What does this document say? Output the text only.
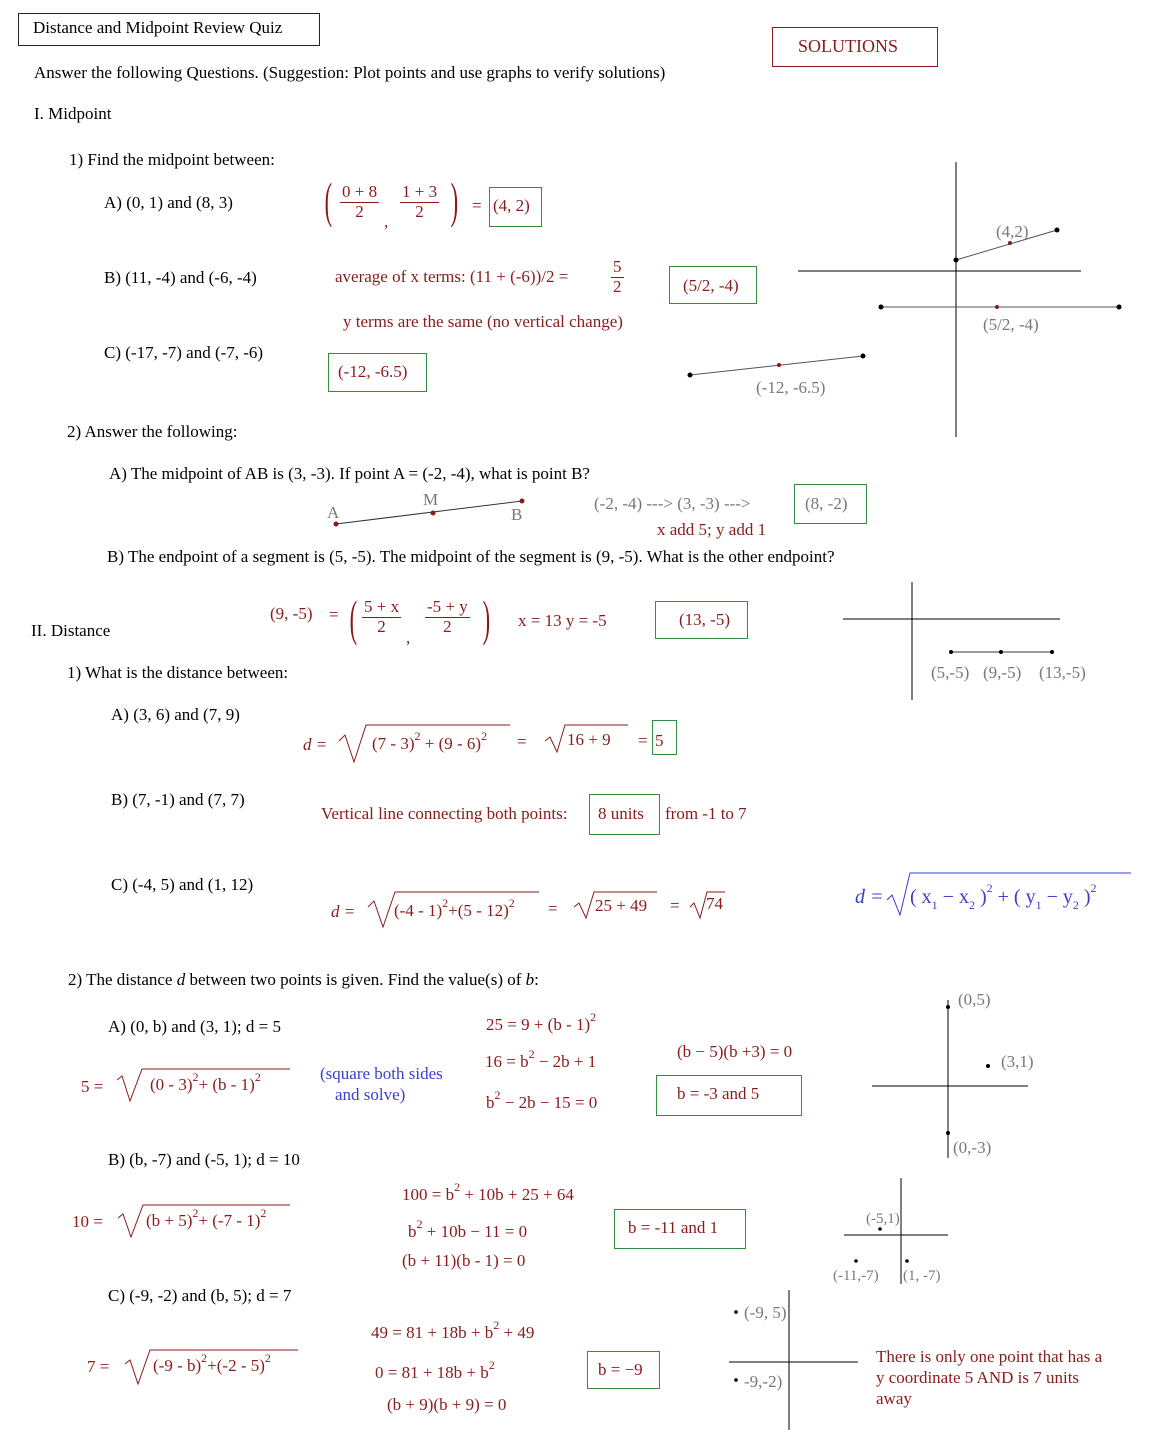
Distance and Midpoint Review Quiz
SOLUTIONS
Answer the following Questions. (Suggestion: Plot points and use graphs to verify solutions)
I. Midpoint
1) Find the midpoint between:
A) (0, 1) and (8, 3) ( $\frac{0 + 8}{2}$
,
$\frac{1 + 3}{2}$ ) = (4, 2)
B) (11, -4) and (-6, -4)	average of x terms: (11 + (-6))/2 =	$\frac{5}{2}$	(5/2, -4)
y terms are the same (no vertical change)
C) (-17, -7) and (-7, -6)
(-12, -6.5)
(4,2)
(5/2, -4)
(-12, -6.5)
2) Answer the following:
A) The midpoint of AB is (3, -3). If point A = (-2, -4), what is point B?
A
M
B
(-2, -4) ---> (3, -3) --->	(8, -2)
x add 5; y add 1
B) The endpoint of a segment is (5, -5). The midpoint of the segment is (9, -5). What is the other endpoint?
(9, -5) = ( $\frac{5 + x}{2}$
,
$\frac{-5 + y}{2}$ ) x = 13 y = -5	(13, -5)
(5,-5) (9,-5) (13,-5)
II. Distance
1) What is the distance between:
A) (3, 6) and (7, 9)
d =	(7 - 3)$^2$ + (9 - 6)$^2$ = 16 + 9 = 5
B) (7, -1) and (7, 7)
Vertical line connecting both points: 8 units from -1 to 7
C) (-4, 5) and (1, 12)
d = (-4 - 1)$^2$+(5 - 12)$^2$ = 25 + 49 = 74	d = ( $x_1 - x_2$ )$^2$ + ( $y_1 - y_2$ )$^2$
2) The distance d between two points is given. Find the value(s) of b:
A) (0, b) and (3, 1); d = 5
5 =	(0 - 3)$^2$+ (b - 1)$^2$	(square both sides
and solve)
25 = 9 + (b - 1)$^2$
$16 = b^2 - 2b + 1$
$b^2 - 2b - 15 = 0$
(b − 5)(b +3) = 0
b = -3 and 5
(0,5)
(3,1)
(0,-3)
B) (b, -7) and (-5, 1); d = 10
10 =	$(b + 5)^2+ (-7 - 1)^2$
$100 = b^2 + 10b + 25 + 64$
$b^2 + 10b - 11 = 0$
(b + 11)(b - 1) = 0
b = -11 and 1	(-5,1)
(-11,-7) (1, -7)
C) (-9, -2) and (b, 5); d = 7
7 =	(-9 - b)$^2$+(-2 - 5)$^2$
$49 = 81 + 18b + b^2 + 49$
$0 = 81 + 18b + b^2$
(b + 9)(b + 9) = 0
b = −9
(-9, 5)
-9,-2)
There is only one point that has a
y coordinate 5 AND is 7 units
away
